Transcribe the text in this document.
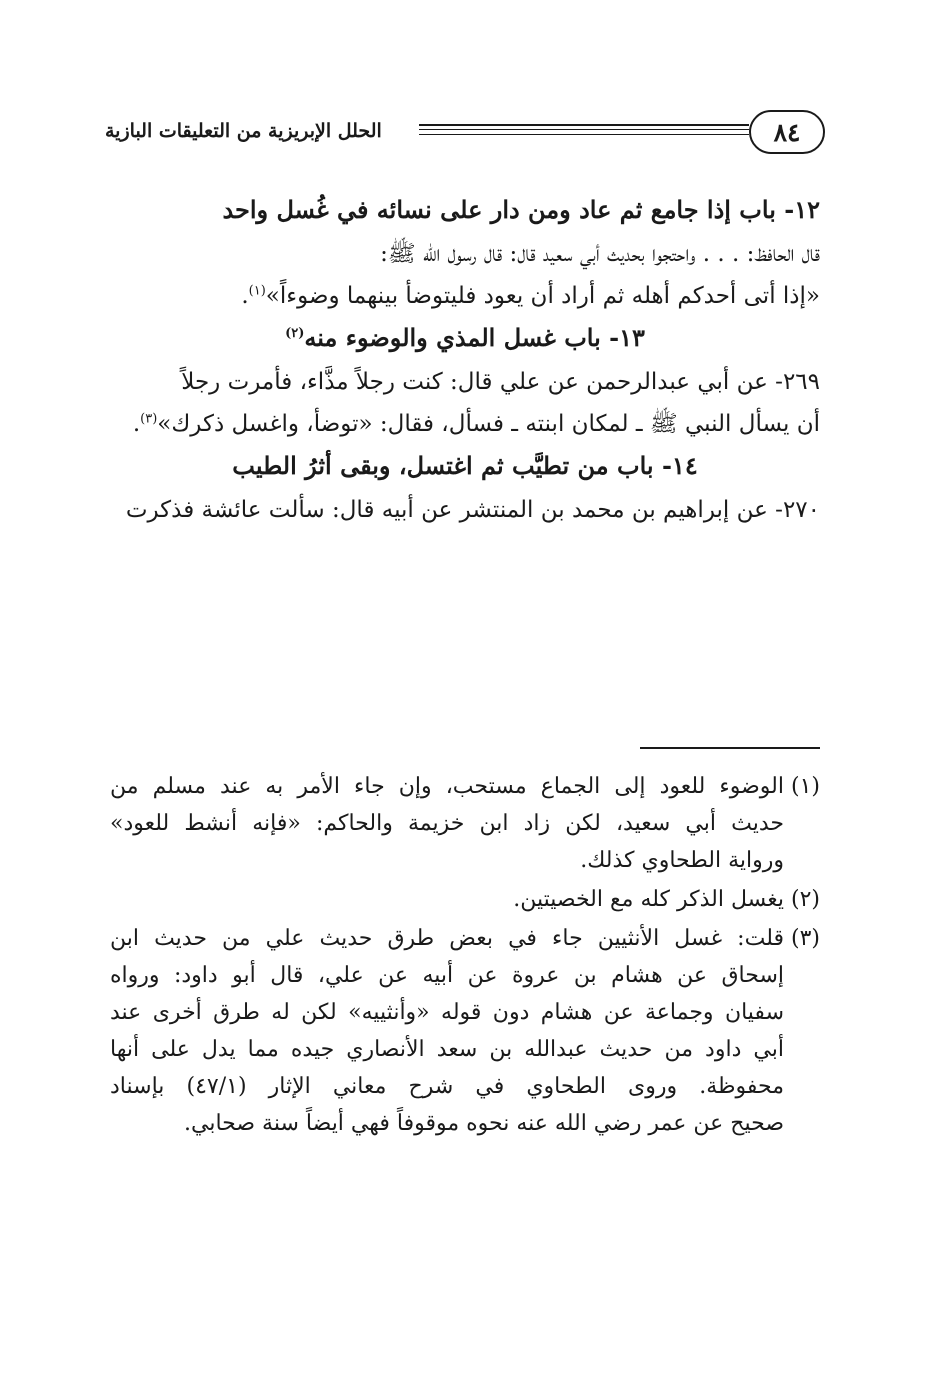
٨٤
الحلل الإبريزية من التعليقات البازية
١٢- باب إذا جامع ثم عاد ومن دار على نسائه في غُسل واحد
قال الحافظ: . . . واحتجوا بحديث أبي سعيد قال: قال رسول الله ﷺ:
«إذا أتى أحدكم أهله ثم أراد أن يعود فليتوضأ بينهما وضوءاً»$^{(١)}$.
١٣- باب غسل المذي والوضوء منه$^{(٢)}$
٢٦٩- عن أبي عبدالرحمن عن علي قال: كنت رجلاً مذَّاء، فأمرت رجلاً
أن يسأل النبي ﷺ ـ لمكان ابنته ـ فسأل، فقال: «توضأ، واغسل ذكرك»$^{(٣)}$.
١٤- باب من تطيَّب ثم اغتسل، وبقى أثرُ الطيب
٢٧٠- عن إبراهيم بن محمد بن المنتشر عن أبيه قال: سألت عائشة فذكرت
(١)
الوضوء للعود إلى الجماع مستحب، وإن جاء الأمر به عند مسلم من
حديث أبي سعيد، لكن زاد ابن خزيمة والحاكم: «فإنه أنشط للعود»
ورواية الطحاوي كذلك.
(٢)
يغسل الذكر كله مع الخصيتين.
(٣)
قلت: غسل الأنثيين جاء في بعض طرق حديث علي من حديث ابن
إسحاق عن هشام بن عروة عن أبيه عن علي، قال أبو داود: ورواه
سفيان وجماعة عن هشام دون قوله «وأنثييه» لكن له طرق أخرى عند
أبي داود من حديث عبدالله بن سعد الأنصاري جيده مما يدل على أنها
محفوظة. وروى الطحاوي في شرح معاني الإثار (٤٧/١) بإسناد
صحيح عن عمر رضي الله عنه نحوه موقوفاً فهي أيضاً سنة صحابي.
